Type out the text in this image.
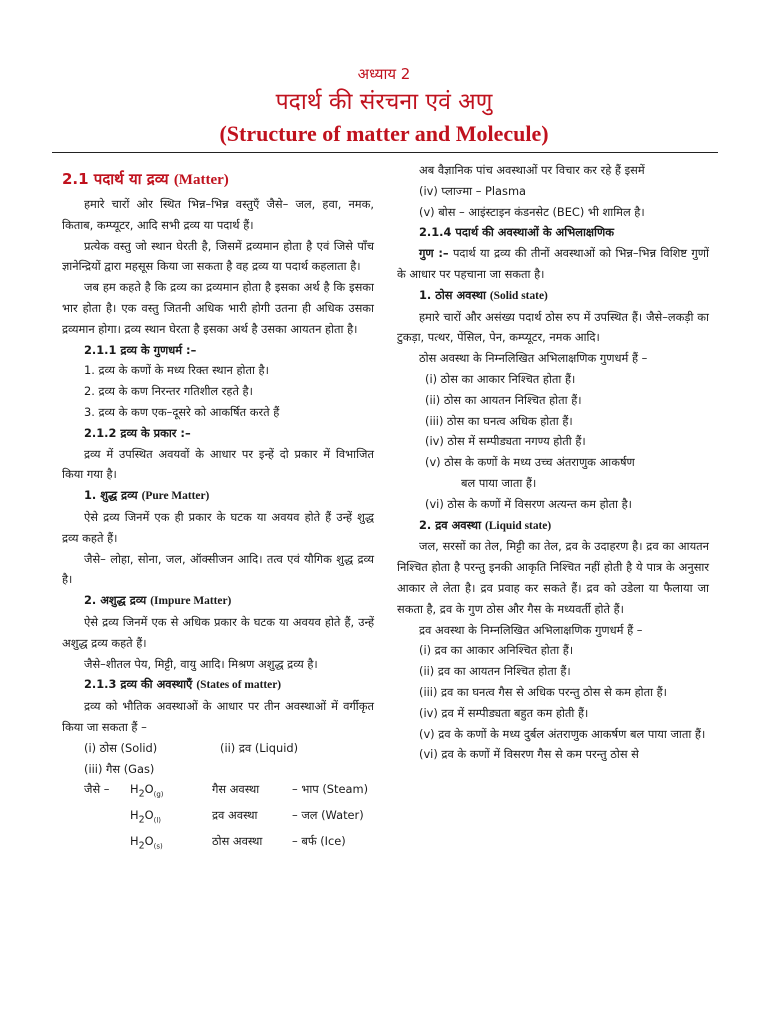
अध्याय 2
पदार्थ की संरचना एवं अणु
(Structure of matter and Molecule)

2.1 पदार्थ या द्रव्य (Matter)

हमारे चारों ओर स्थित भिन्न–भिन्न वस्तुएँ जैसे– जल, हवा, नमक, किताब, कम्प्यूटर, आदि सभी द्रव्य या पदार्थ हैं।

प्रत्येक वस्तु जो स्थान घेरती है, जिसमें द्रव्यमान होता है एवं जिसे पाँच ज्ञानेन्द्रियों द्वारा महसूस किया जा सकता है वह द्रव्य या पदार्थ कहलाता है।

जब हम कहते है कि द्रव्य का द्रव्यमान होता है इसका अर्थ है कि इसका भार होता है। एक वस्तु जितनी अधिक भारी होगी उतना ही अधिक उसका द्रव्यमान होगा। द्रव्य स्थान घेरता है इसका अर्थ है उसका आयतन होता है।

2.1.1 द्रव्य के गुणधर्म :–

1. द्रव्य के कणों के मध्य रिक्त स्थान होता है।

2. द्रव्य के कण निरन्तर गतिशील रहते है।

3. द्रव्य के कण एक–दूसरे को आकर्षित करते हैं

2.1.2 द्रव्य के प्रकार :–

द्रव्य में उपस्थित अवयवों के आधार पर इन्हें दो प्रकार में विभाजित किया गया है।

1. शुद्ध द्रव्य (Pure Matter)

ऐसे द्रव्य जिनमें एक ही प्रकार के घटक या अवयव होते हैं उन्हें शुद्ध द्रव्य कहते हैं।

जैसे– लोहा, सोना, जल, ऑक्सीजन आदि। तत्व एवं यौगिक शुद्ध द्रव्य है।

2. अशुद्ध द्रव्य (Impure Matter)

ऐसे द्रव्य जिनमें एक से अधिक प्रकार के घटक या अवयव होते हैं, उन्हें अशुद्ध द्रव्य कहते हैं।

जैसे–शीतल पेय, मिट्टी, वायु आदि। मिश्रण अशुद्ध द्रव्य है।

2.1.3 द्रव्य की अवस्थाएँ (States of matter)

द्रव्य को भौतिक अवस्थाओं के आधार पर तीन अवस्थाओं में वर्गीकृत किया जा सकता हैं –

(i) ठोस (Solid)	(ii) द्रव (Liquid)

(iii) गैस (Gas)

जैसे –	$H_2O_{(g)}$	गैस अवस्था	– भाप (Steam)

$H_2O_{(l)}$	द्रव अवस्था	– जल (Water)

$H_2O_{(s)}$	ठोस अवस्था	– बर्फ (Ice)

अब वैज्ञानिक पांच अवस्थाओं पर विचार कर रहे हैं इसमें

(iv) प्लाज्मा – Plasma

(v) बोस – आइंस्टाइन कंडनसेट (BEC) भी शामिल है।

2.1.4 पदार्थ की अवस्थाओं के अभिलाक्षणिक

गुण :– पदार्थ या द्रव्य की तीनों अवस्थाओं को भिन्न–भिन्न विशिष्ट गुणों के आधार पर पहचाना जा सकता है।

1. ठोस अवस्था (Solid state)

हमारे चारों और असंख्य पदार्थ ठोस रुप में उपस्थित हैं। जैसे–लकड़ी का टुकड़ा, पत्थर, पेंसिल, पेन, कम्प्यूटर, नमक आदि।

ठोस अवस्था के निम्नलिखित अभिलाक्षणिक गुणधर्म हैं –

(i) ठोस का आकार निश्चित होता हैं।

(ii) ठोस का आयतन निश्चित होता हैं।

(iii) ठोस का घनत्व अधिक होता हैं।

(iv) ठोस में सम्पीड्यता नगण्य होती हैं।

(v) ठोस के कणों के मध्य उच्च अंतराणुक आकर्षण

बल पाया जाता हैं।

(vi) ठोस के कणों में विसरण अत्यन्त कम होता है।

2. द्रव अवस्था (Liquid state)

जल, सरसों का तेल, मिट्टी का तेल, द्रव के उदाहरण है। द्रव का आयतन निश्चित होता है परन्तु इनकी आकृति निश्चित नहीं होती है ये पात्र के अनुसार आकार ले लेता है। द्रव प्रवाह कर सकते हैं। द्रव को उडेला या फैलाया जा सकता है, द्रव के गुण ठोस और गैस के मध्यवर्ती होते हैं।

द्रव अवस्था के निम्नलिखित अभिलाक्षणिक गुणधर्म हैं –

(i) द्रव का आकार अनिश्चित होता हैं।

(ii) द्रव का आयतन निश्चित होता हैं।

(iii) द्रव का घनत्व गैस से अधिक परन्तु ठोस से कम होता हैं।

(iv) द्रव में सम्पीड्यता बहुत कम होती हैं।

(v) द्रव के कणों के मध्य दुर्बल अंतराणुक आकर्षण बल पाया जाता हैं।

(vi) द्रव के कणों में विसरण गैस से कम परन्तु ठोस से
